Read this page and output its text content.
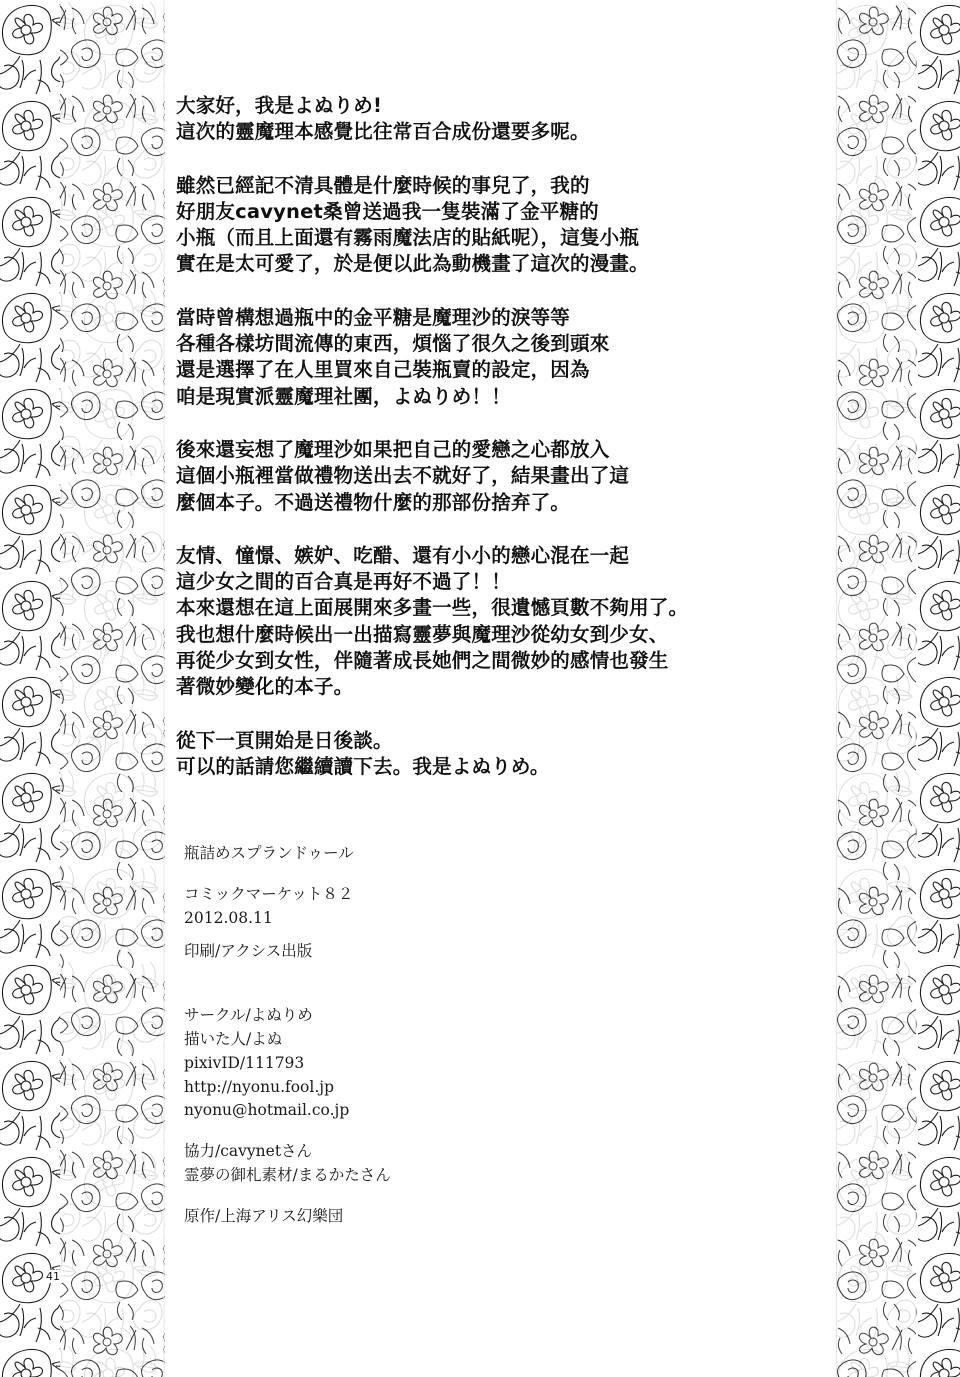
大家好，我是よぬりめ!
這次的靈魔理本感覺比往常百合成份還要多呢。

雖然已經記不清具體是什麼時候的事兒了，我的
好朋友cavynet桑曾送過我一隻裝滿了金平糖的
小瓶（而且上面還有霧雨魔法店的貼紙呢），這隻小瓶
實在是太可愛了，於是便以此為動機畫了這次的漫畫。

當時曾構想過瓶中的金平糖是魔理沙的淚等等
各種各樣坊間流傳的東西，煩惱了很久之後到頭來
還是選擇了在人里買來自己裝瓶賣的設定，因為
咱是現實派靈魔理社團，よぬりめ！！

後來還妄想了魔理沙如果把自己的愛戀之心都放入
這個小瓶裡當做禮物送出去不就好了，結果畫出了這
麼個本子。不過送禮物什麼的那部份捨弃了。

友情、憧憬、嫉妒、吃醋、還有小小的戀心混在一起
這少女之間的百合真是再好不過了！！
本來還想在這上面展開來多畫一些，很遺憾頁數不夠用了。
我也想什麼時候出一出描寫靈夢與魔理沙從幼女到少女、
再從少女到女性，伴隨著成長她們之間微妙的感情也發生
著微妙變化的本子。

從下一頁開始是日後談。
可以的話請您繼續讀下去。我是よぬりめ。

瓶詰めスプランドゥール
コミックマーケット８２
2012.08.11
印刷/アクシス出版
サークル/よぬりめ
描いた人/よぬ
pixivID/111793
http://nyonu.fool.jp
nyonu@hotmail.co.jp
協力/cavynetさん
霊夢の御札素材/まるかたさん
原作/上海アリス幻樂団
41
